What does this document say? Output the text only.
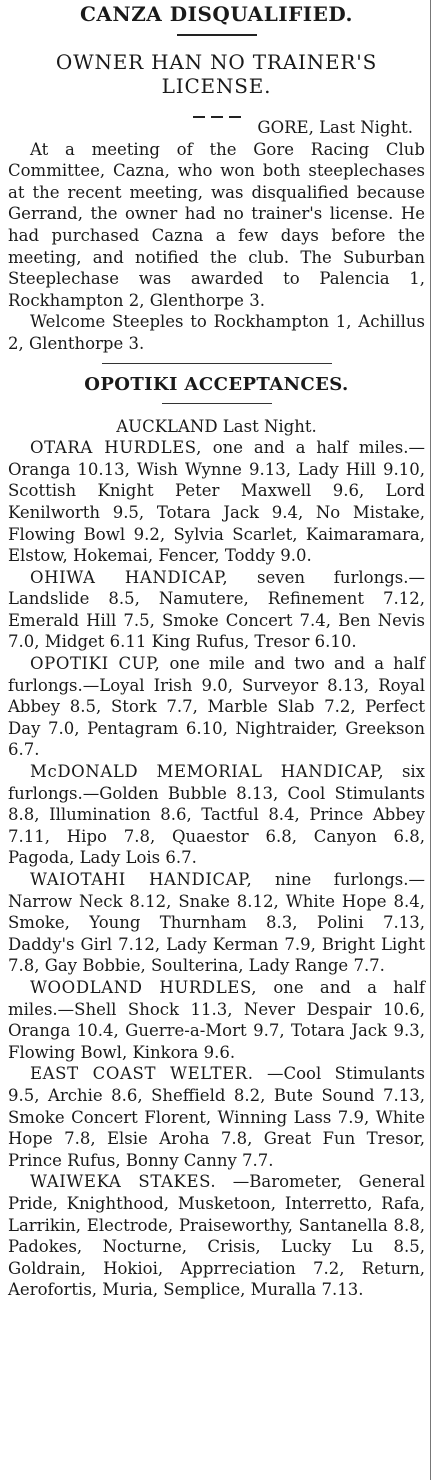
CANZA DISQUALIFIED.
OWNER HAN NO TRAINER'S LICENSE.

GORE, Last Night.

At a meeting of the Gore Racing Club Committee, Cazna, who won both steeplechases at the recent meeting, was disqualified because Gerrand, the owner had no trainer's license. He had purchased Cazna a few days before the meeting, and notified the club. The Suburban Steeplechase was awarded to Palencia 1, Rockhampton 2, Glenthorpe 3.

Welcome Steeples to Rockhampton 1, Achillus 2, Glenthorpe 3.

OPOTIKI ACCEPTANCES.

AUCKLAND Last Night.

OTARA HURDLES, one and a half miles.—Oranga 10.13, Wish Wynne 9.13, Lady Hill 9.10, Scottish Knight Peter Maxwell 9.6, Lord Kenilworth 9.5, Totara Jack 9.4, No Mistake, Flowing Bowl 9.2, Sylvia Scarlet, Kaimaramara, Elstow, Hokemai, Fencer, Toddy 9.0.

OHIWA HANDICAP, seven furlongs.—Landslide 8.5, Namutere, Refinement 7.12, Emerald Hill 7.5, Smoke Concert 7.4, Ben Nevis 7.0, Midget 6.11 King Rufus, Tresor 6.10.

OPOTIKI CUP, one mile and two and a half furlongs.—Loyal Irish 9.0, Surveyor 8.13, Royal Abbey 8.5, Stork 7.7, Marble Slab 7.2, Perfect Day 7.0, Pentagram 6.10, Nightraider, Greekson 6.7.

McDONALD MEMORIAL HANDICAP, six furlongs.—Golden Bubble 8.13, Cool Stimulants 8.8, Illumination 8.6, Tactful 8.4, Prince Abbey 7.11, Hipo 7.8, Quaestor 6.8, Canyon 6.8, Pagoda, Lady Lois 6.7.

WAIOTAHI HANDICAP, nine furlongs.—Narrow Neck 8.12, Snake 8.12, White Hope 8.4, Smoke, Young Thurnham 8.3, Polini 7.13, Daddy's Girl 7.12, Lady Kerman 7.9, Bright Light 7.8, Gay Bobbie, Soulterina, Lady Range 7.7.

WOODLAND HURDLES, one and a half miles.—Shell Shock 11.3, Never Despair 10.6, Oranga 10.4, Guerre-a-Mort 9.7, Totara Jack 9.3, Flowing Bowl, Kinkora 9.6.

EAST COAST WELTER. —Cool Stimulants 9.5, Archie 8.6, Sheffield 8.2, Bute Sound 7.13, Smoke Concert Florent, Winning Lass 7.9, White Hope 7.8, Elsie Aroha 7.8, Great Fun Tresor, Prince Rufus, Bonny Canny 7.7.

WAIWEKA STAKES. —Barometer, General Pride, Knighthood, Musketoon, Interretto, Rafa, Larrikin, Electrode, Praiseworthy, Santanella 8.8, Padokes, Nocturne, Crisis, Lucky Lu 8.5, Goldrain, Hokioi, Apprreciation 7.2, Return, Aerofortis, Muria, Semplice, Muralla 7.13.
